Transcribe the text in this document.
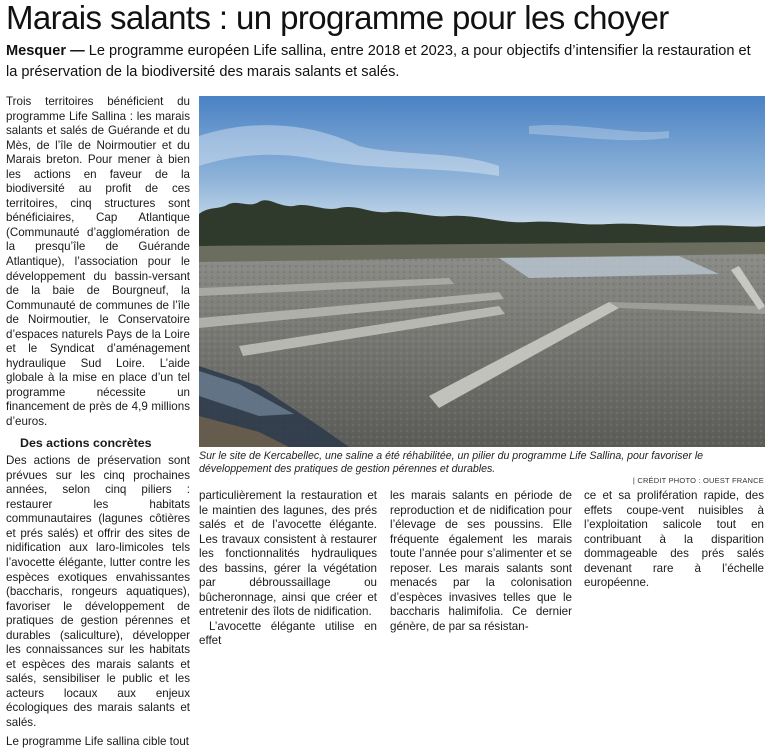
Marais salants : un programme pour les choyer
Mesquer — Le programme européen Life sallina, entre 2018 et 2023, a pour objectifs d’intensifier la restauration et la préservation de la biodiversité des marais salants et salés.

Trois territoires bénéficient du programme Life Sallina : les marais salants et salés de Guérande et du Mès, de l’île de Noirmoutier et du Marais breton. Pour mener à bien les actions en faveur de la biodiversité au profit de ces territoires, cinq structures sont bénéficiaires, Cap Atlantique (Communauté d’agglomération de la presqu’île de Guérande Atlantique), l’association pour le développement du bassin-versant de la baie de Bourgneuf, la Communauté de communes de l’île de Noirmoutier, le Conservatoire d’espaces naturels Pays de la Loire et le Syndicat d’aménagement hydraulique Sud Loire. L’aide globale à la mise en place d’un tel programme nécessite un financement de près de 4,9 millions d’euros.

Des actions concrètes

Des actions de préservation sont prévues sur les cinq prochaines années, selon cinq piliers : restaurer les habitats communautaires (lagunes côtières et prés salés) et offrir des sites de nidification aux laro-limicoles tels l’avocette élégante, lutter contre les espèces exotiques envahissantes (baccharis, rongeurs aquatiques), favoriser le développement de pratiques de gestion pérennes et durables (saliculture), développer les connaissances sur les habitats et espèces des marais salants et salés, sensibiliser le public et les acteurs locaux aux enjeux écologiques des marais salants et salés.

Le programme Life sallina cible tout

Sur le site de Kercabellec, une saline a été réhabilitée, un pilier du programme Life Sallina, pour favoriser le développement des pratiques de gestion pérennes et durables.
| CRÉDIT PHOTO : OUEST FRANCE

particulièrement la restauration et le maintien des lagunes, des prés salés et de l’avocette élégante. Les travaux consistent à restaurer les fonctionnalités hydrauliques des bassins, gérer la végétation par débroussaillage ou bûcheronnage, ainsi que créer et entretenir des îlots de nidification.

L’avocette élégante utilise en effet

les marais salants en période de reproduction et de nidification pour l’élevage de ses poussins. Elle fréquente également les marais toute l’année pour s’alimenter et se reposer. Les marais salants sont menacés par la colonisation d’espèces invasives telles que le baccharis halimifolia. Ce dernier génère, de par sa résistan-

ce et sa prolifération rapide, des effets coupe-vent nuisibles à l’exploitation salicole tout en contribuant à la disparition dommageable des prés salés devenant rare à l’échelle européenne.
